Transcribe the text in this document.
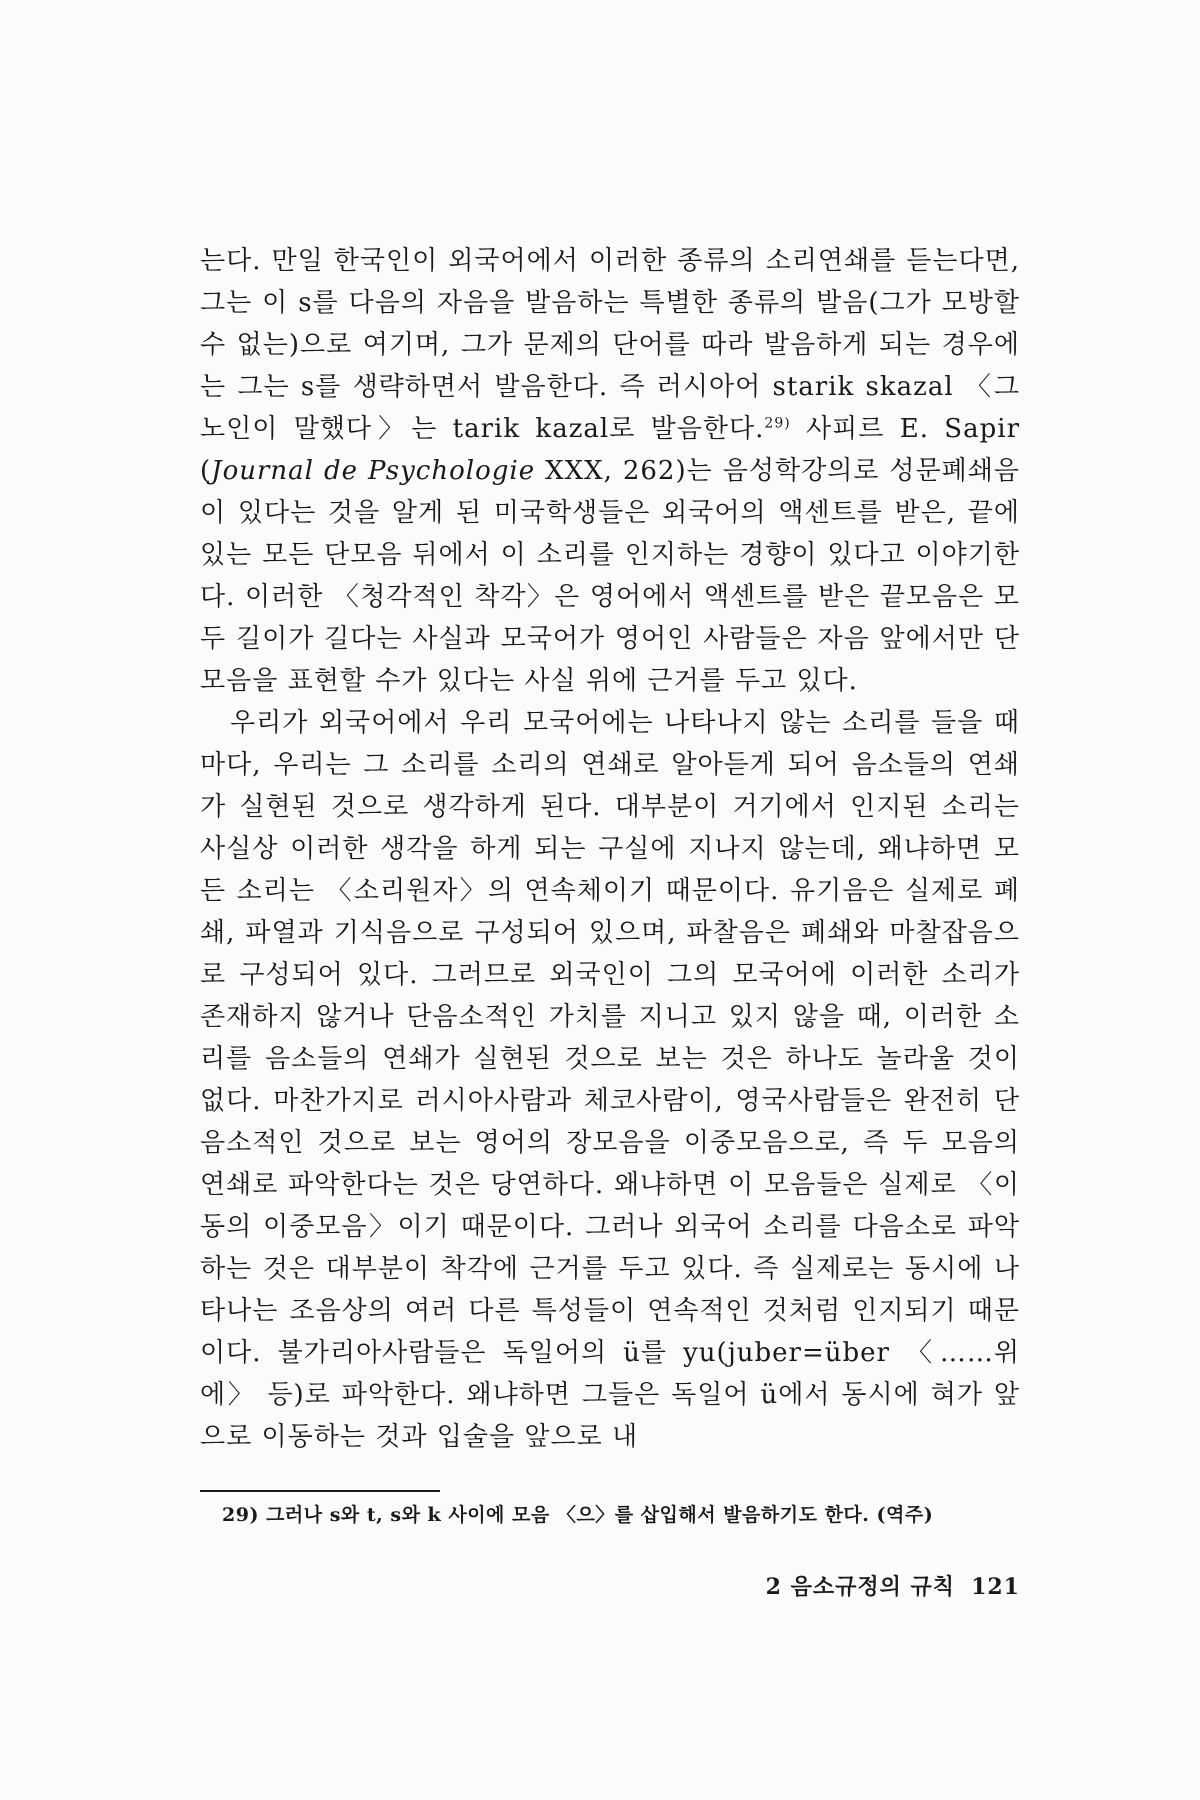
는다. 만일 한국인이 외국어에서 이러한 종류의 소리연쇄를 듣는다면, 그는 이 s를 다음의 자음을 발음하는 특별한 종류의 발음(그가 모방할 수 없는)으로 여기며, 그가 문제의 단어를 따라 발음하게 되는 경우에는 그는 s를 생략하면서 발음한다. 즉 러시아어 starik skazal 〈그 노인이 말했다〉는 tarik kazal로 발음한다.$^{29)}$ 사피르 E. Sapir (Journal de Psychologie XXX, 262)는 음성학강의로 성문폐쇄음이 있다는 것을 알게 된 미국학생들은 외국어의 액센트를 받은, 끝에 있는 모든 단모음 뒤에서 이 소리를 인지하는 경향이 있다고 이야기한다. 이러한 〈청각적인 착각〉은 영어에서 액센트를 받은 끝모음은 모두 길이가 길다는 사실과 모국어가 영어인 사람들은 자음 앞에서만 단모음을 표현할 수가 있다는 사실 위에 근거를 두고 있다.

우리가 외국어에서 우리 모국어에는 나타나지 않는 소리를 들을 때마다, 우리는 그 소리를 소리의 연쇄로 알아듣게 되어 음소들의 연쇄가 실현된 것으로 생각하게 된다. 대부분이 거기에서 인지된 소리는 사실상 이러한 생각을 하게 되는 구실에 지나지 않는데, 왜냐하면 모든 소리는 〈소리원자〉의 연속체이기 때문이다. 유기음은 실제로 폐쇄, 파열과 기식음으로 구성되어 있으며, 파찰음은 폐쇄와 마찰잡음으로 구성되어 있다. 그러므로 외국인이 그의 모국어에 이러한 소리가 존재하지 않거나 단음소적인 가치를 지니고 있지 않을 때, 이러한 소리를 음소들의 연쇄가 실현된 것으로 보는 것은 하나도 놀라울 것이 없다. 마찬가지로 러시아사람과 체코사람이, 영국사람들은 완전히 단음소적인 것으로 보는 영어의 장모음을 이중모음으로, 즉 두 모음의 연쇄로 파악한다는 것은 당연하다. 왜냐하면 이 모음들은 실제로 〈이동의 이중모음〉이기 때문이다. 그러나 외국어 소리를 다음소로 파악하는 것은 대부분이 착각에 근거를 두고 있다. 즉 실제로는 동시에 나타나는 조음상의 여러 다른 특성들이 연속적인 것처럼 인지되기 때문이다. 불가리아사람들은 독일어의 ü를 yu(juber=über 〈……위에〉 등)로 파악한다. 왜냐하면 그들은 독일어 ü에서 동시에 혀가 앞으로 이동하는 것과 입술을 앞으로 내

29) 그러나 s와 t, s와 k 사이에 모음 〈으〉를 삽입해서 발음하기도 한다. (역주)
2 음소규정의 규칙 121
